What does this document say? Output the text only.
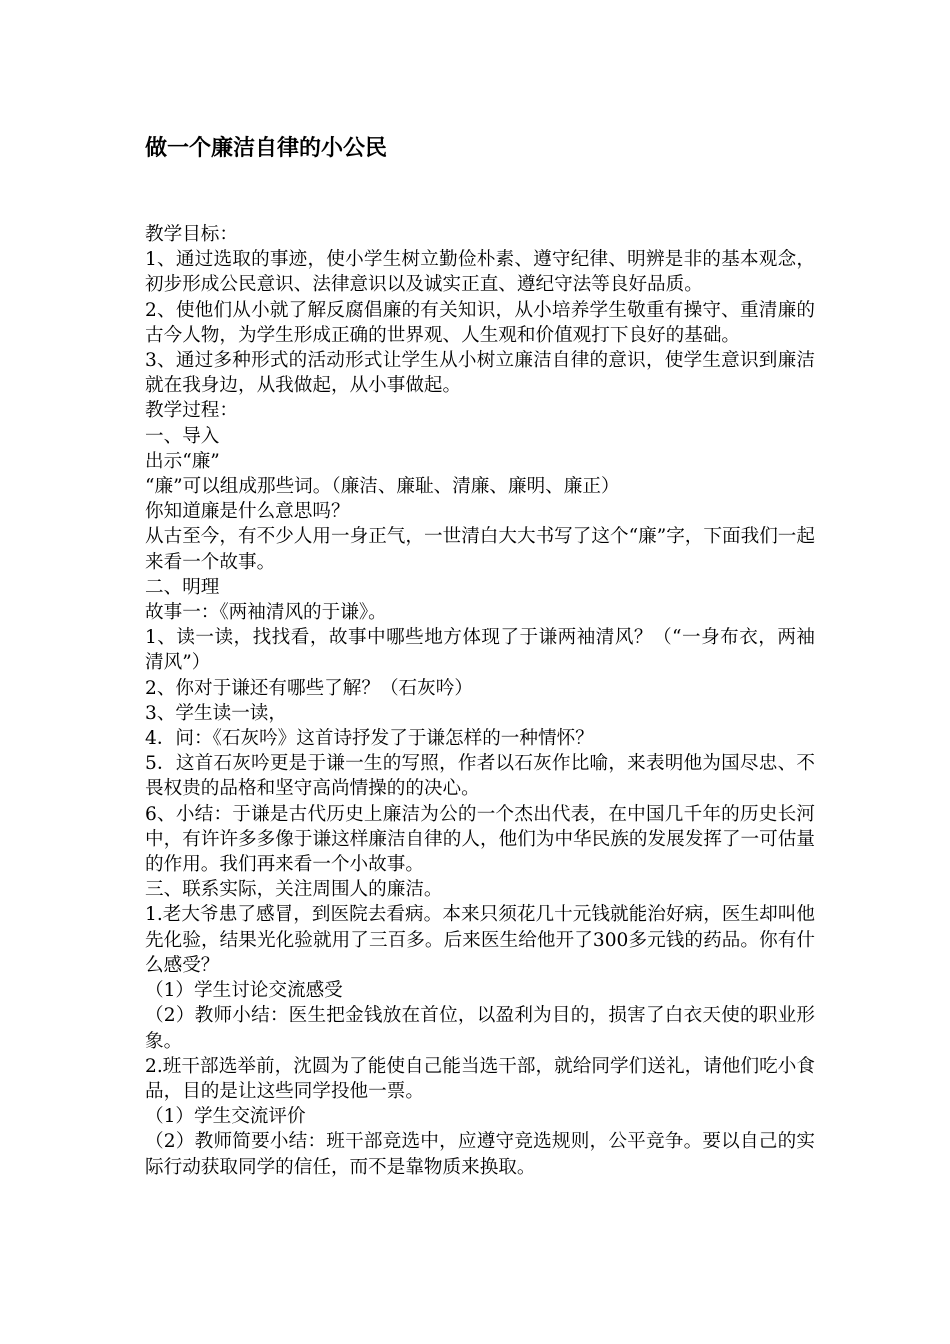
做一个廉洁自律的小公民

教学目标：

1、通过选取的事迹，使小学生树立勤俭朴素、遵守纪律、明辨是非的基本观念，初步形成公民意识、法律意识以及诚实正直、遵纪守法等良好品质。

2、使他们从小就了解反腐倡廉的有关知识，从小培养学生敬重有操守、重清廉的古今人物，为学生形成正确的世界观、人生观和价值观打下良好的基础。

3、通过多种形式的活动形式让学生从小树立廉洁自律的意识，使学生意识到廉洁就在我身边，从我做起，从小事做起。

教学过程：

一、导入

出示“廉”

“廉”可以组成那些词。（廉洁、廉耻、清廉、廉明、廉正）

你知道廉是什么意思吗？

从古至今，有不少人用一身正气，一世清白大大书写了这个“廉”字，下面我们一起来看一个故事。

二、明理

故事一：《两袖清风的于谦》。

1、读一读，找找看，故事中哪些地方体现了于谦两袖清风？（“一身布衣，两袖清风”）

2、你对于谦还有哪些了解？（石灰吟）

3、学生读一读，

4．问：《石灰吟》这首诗抒发了于谦怎样的一种情怀？

5．这首石灰吟更是于谦一生的写照，作者以石灰作比喻，来表明他为国尽忠、不畏权贵的品格和坚守高尚情操的的决心。

6、小结：于谦是古代历史上廉洁为公的一个杰出代表，在中国几千年的历史长河中，有许许多多像于谦这样廉洁自律的人，他们为中华民族的发展发挥了一可估量的作用。我们再来看一个小故事。

三、联系实际，关注周围人的廉洁。

1.老大爷患了感冒，到医院去看病。本来只须花几十元钱就能治好病，医生却叫他先化验，结果光化验就用了三百多。后来医生给他开了300多元钱的药品。你有什么感受？

（1）学生讨论交流感受

（2）教师小结：医生把金钱放在首位，以盈利为目的，损害了白衣天使的职业形象。

2.班干部选举前，沈圆为了能使自己能当选干部，就给同学们送礼，请他们吃小食品，目的是让这些同学投他一票。

（1）学生交流评价

（2）教师简要小结：班干部竞选中，应遵守竞选规则，公平竞争。要以自己的实际行动获取同学的信任，而不是靠物质来换取。
